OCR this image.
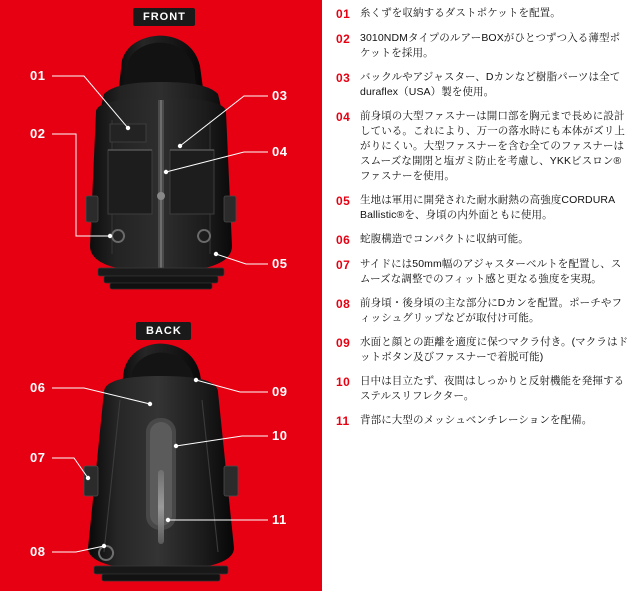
FRONT
BACK
01
02
03
04
05
06
07
08
09
10
11
01 糸くずを収納するダストポケットを配置。
02 3010NDMタイプのルアーBOXがひとつずつ入る薄型ポケットを採用。
03 バックルやアジャスター、Dカンなど樹脂パーツは全てduraflex（USA）製を使用。
04 前身頃の大型ファスナーは開口部を胸元まで長めに設計している。これにより、万一の落水時にも本体がズリ上がりにくい。大型ファスナーを含む全てのファスナーはスムーズな開閉と塩ガミ防止を考慮し、YKKビスロン®ファスナーを使用。
05 生地は軍用に開発された耐水耐熱の高強度CORDURA Ballistic®を、身頃の内外面ともに使用。
06 蛇腹構造でコンパクトに収納可能。
07 サイドには50mm幅のアジャスターベルトを配置し、スムーズな調整でのフィット感と更なる強度を実現。
08 前身頃・後身頃の主な部分にDカンを配置。ポーチやフィッシュグリップなどが取付け可能。
09 水面と顔との距離を適度に保つマクラ付き。(マクラはドットボタン及びファスナーで着脱可能)
10 日中は目立たず、夜間はしっかりと反射機能を発揮するステルスリフレクター。
11 背部に大型のメッシュベンチレーションを配備。
